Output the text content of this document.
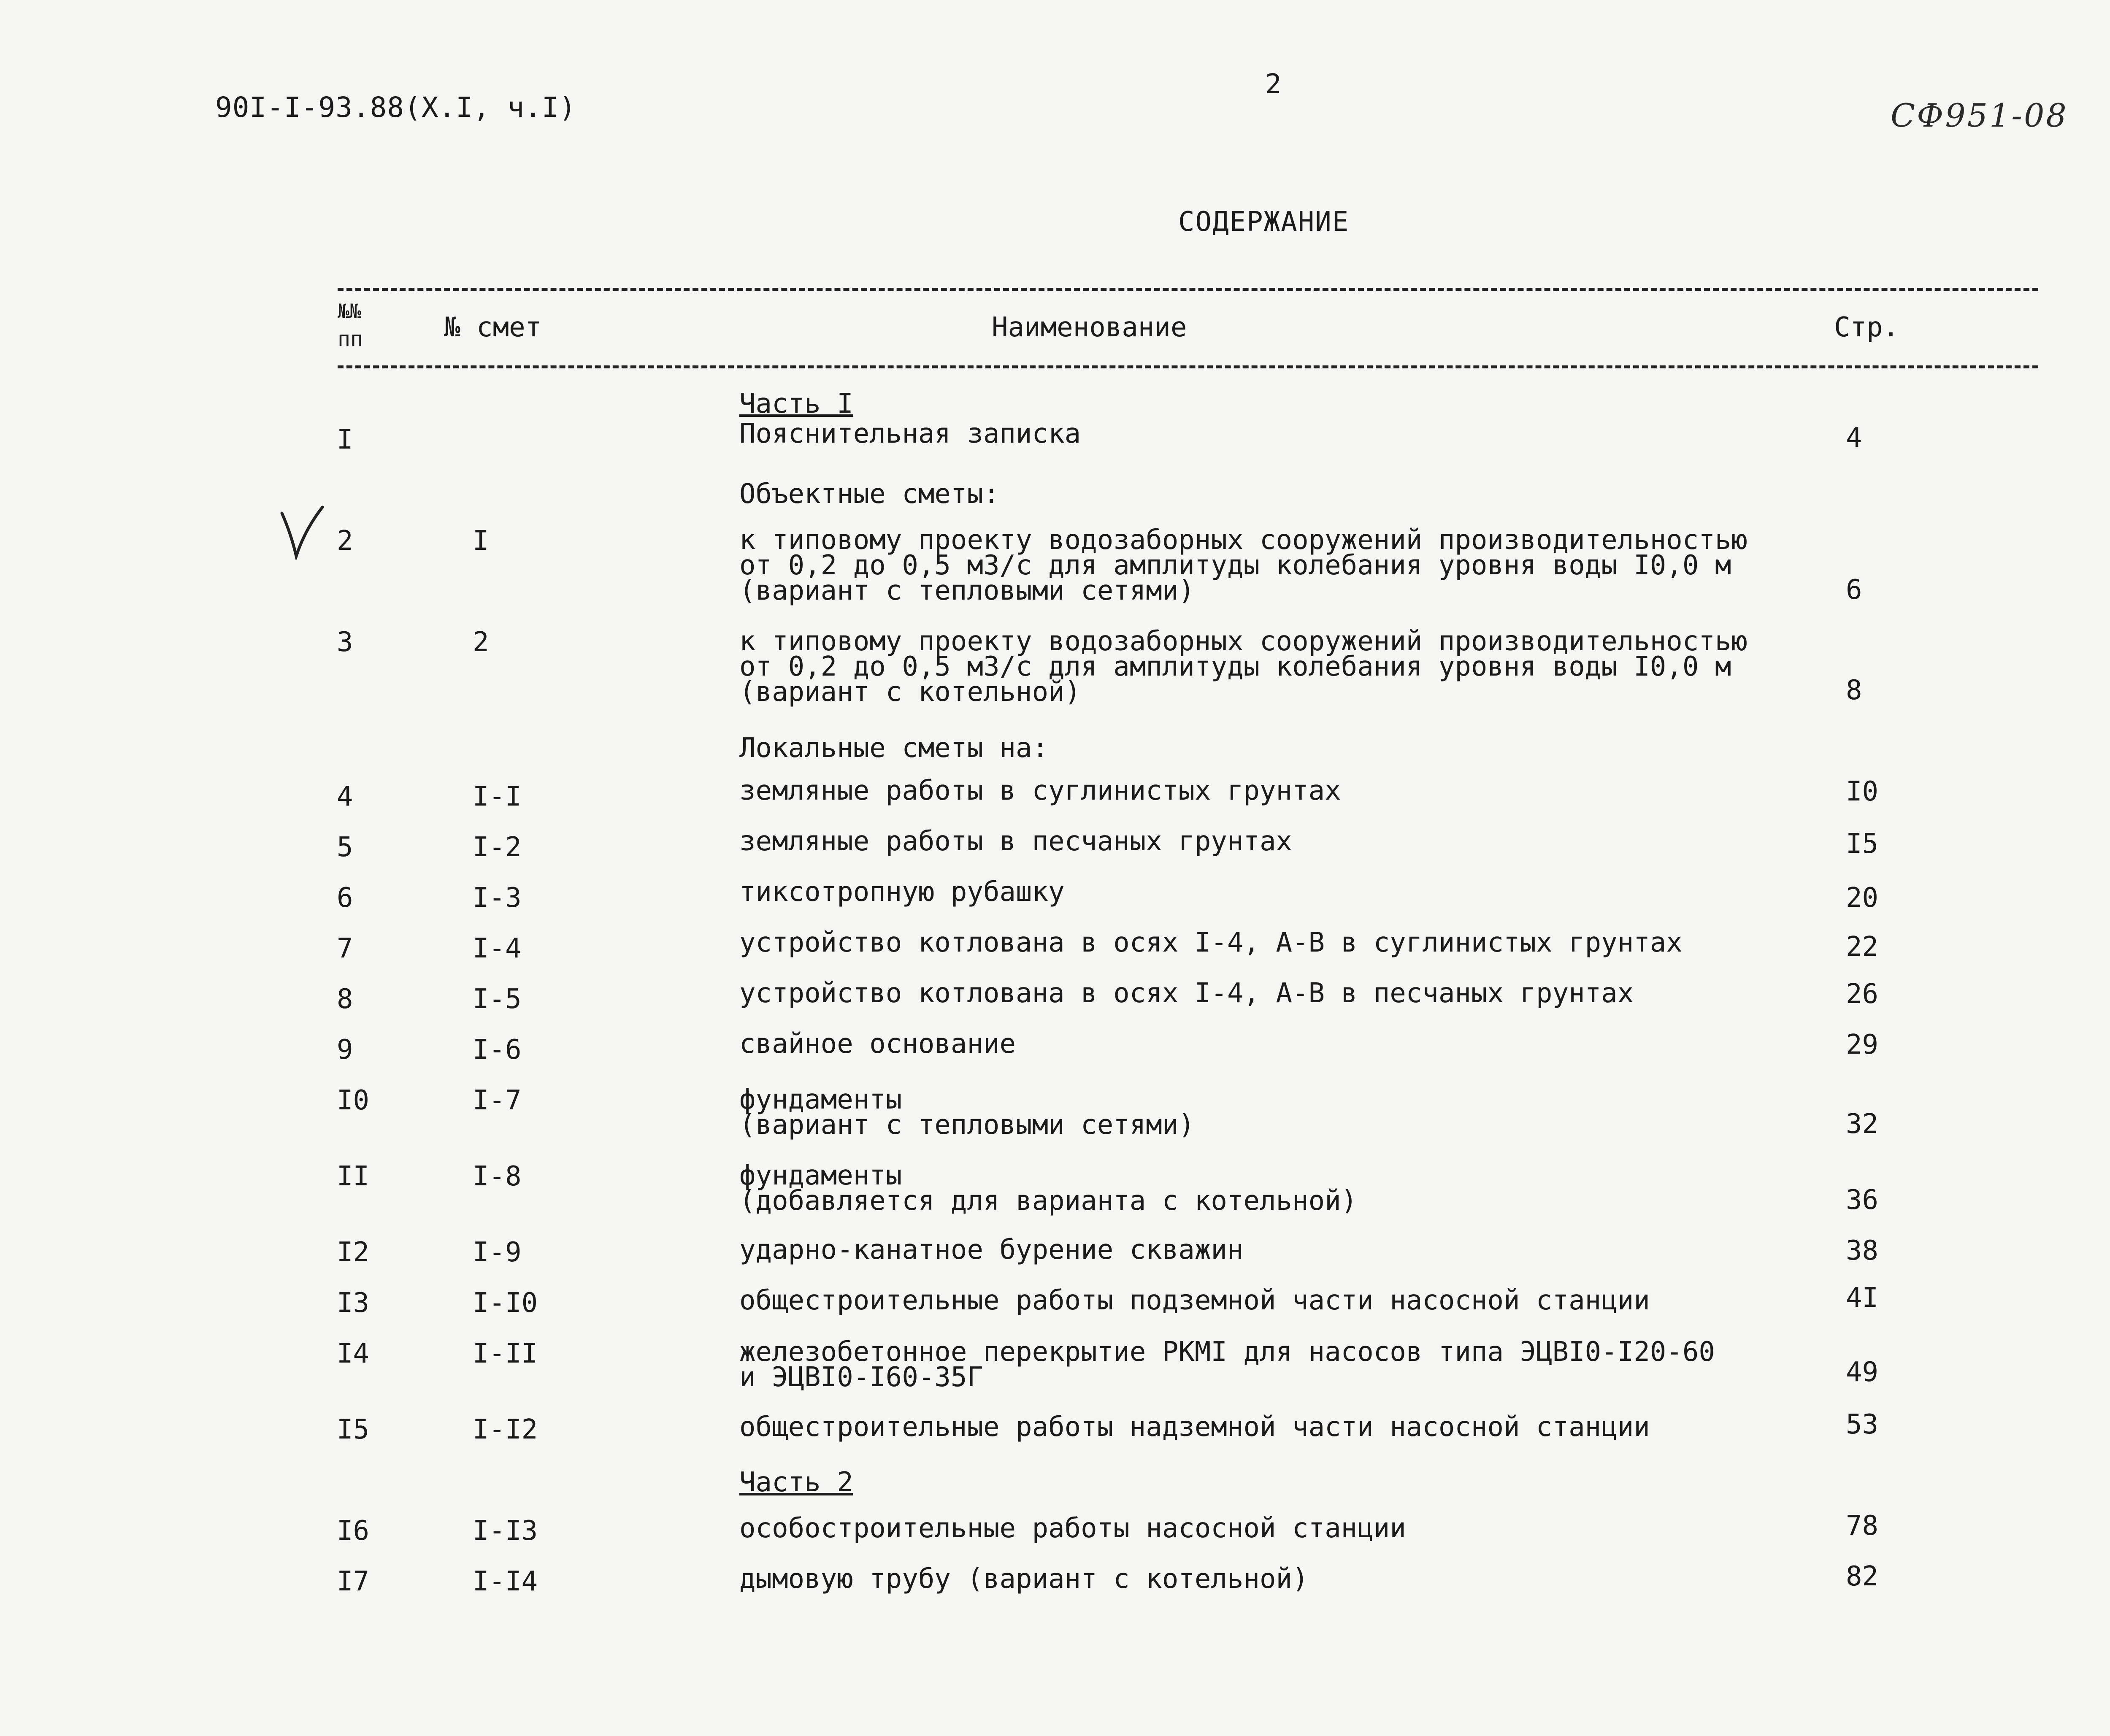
90I-I-93.88(X.I, ч.I)
2
СФ951-08
СОДЕРЖАНИЕ
№№
пп	№ смет	Наименование	Стр.
Часть I
I	Пояснительная записка	4
Объектные сметы:
2	I	к типовому проекту водозаборных сооружений производительностью
от 0,2 до 0,5 м3/с для амплитуды колебания уровня воды I0,0 м
(вариант с тепловыми сетями)	6
3	2	к типовому проекту водозаборных сооружений производительностью
от 0,2 до 0,5 м3/с для амплитуды колебания уровня воды I0,0 м
(вариант с котельной)	8
Локальные сметы на:
4	I-I	земляные работы в суглинистых грунтах	I0
5	I-2	земляные работы в песчаных грунтах	I5
6	I-3	тиксотропную рубашку	20
7	I-4	устройство котлована в осях I-4, А-В в суглинистых грунтах	22
8	I-5	устройство котлована в осях I-4, А-В в песчаных грунтах	26
9	I-6	свайное основание	29
I0	I-7	фундаменты
(вариант с тепловыми сетями)	32
II	I-8	фундаменты
(добавляется для варианта с котельной)	36
I2	I-9	ударно-канатное бурение скважин	38
I3	I-I0	общестроительные работы подземной части насосной станции	4I
I4	I-II	железобетонное перекрытие РКМI для насосов типа ЭЦВI0-I20-60
и ЭЦВI0-I60-35Г	49
I5	I-I2	общестроительные работы надземной части насосной станции	53
Часть 2
I6	I-I3	особостроительные работы насосной станции	78
I7	I-I4	дымовую трубу (вариант с котельной)	82
